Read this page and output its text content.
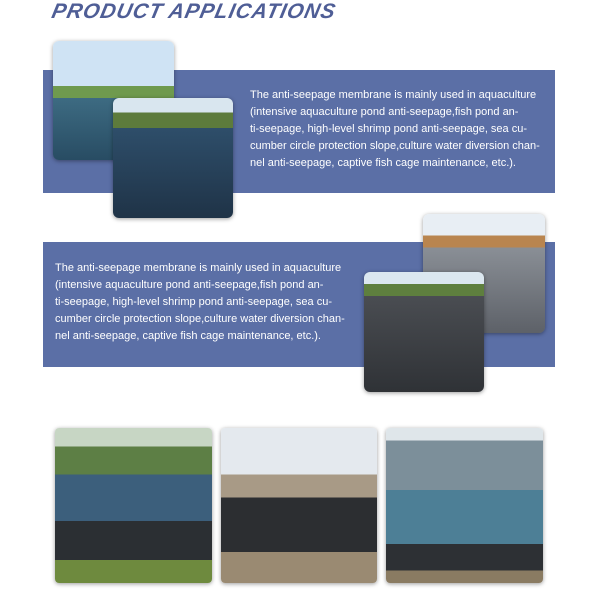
PRODUCT APPLICATIONS
The anti-seepage membrane is mainly used in aquaculture
(intensive aquaculture pond anti-seepage,fish pond an-
ti-seepage, high-level shrimp pond anti-seepage, sea cu-
cumber circle protection slope,culture water diversion chan-
nel anti-seepage, captive fish cage maintenance, etc.).
The anti-seepage membrane is mainly used in aquaculture
(intensive aquaculture pond anti-seepage,fish pond an-
ti-seepage, high-level shrimp pond anti-seepage, sea cu-
cumber circle protection slope,culture water diversion chan-
nel anti-seepage, captive fish cage maintenance, etc.).
